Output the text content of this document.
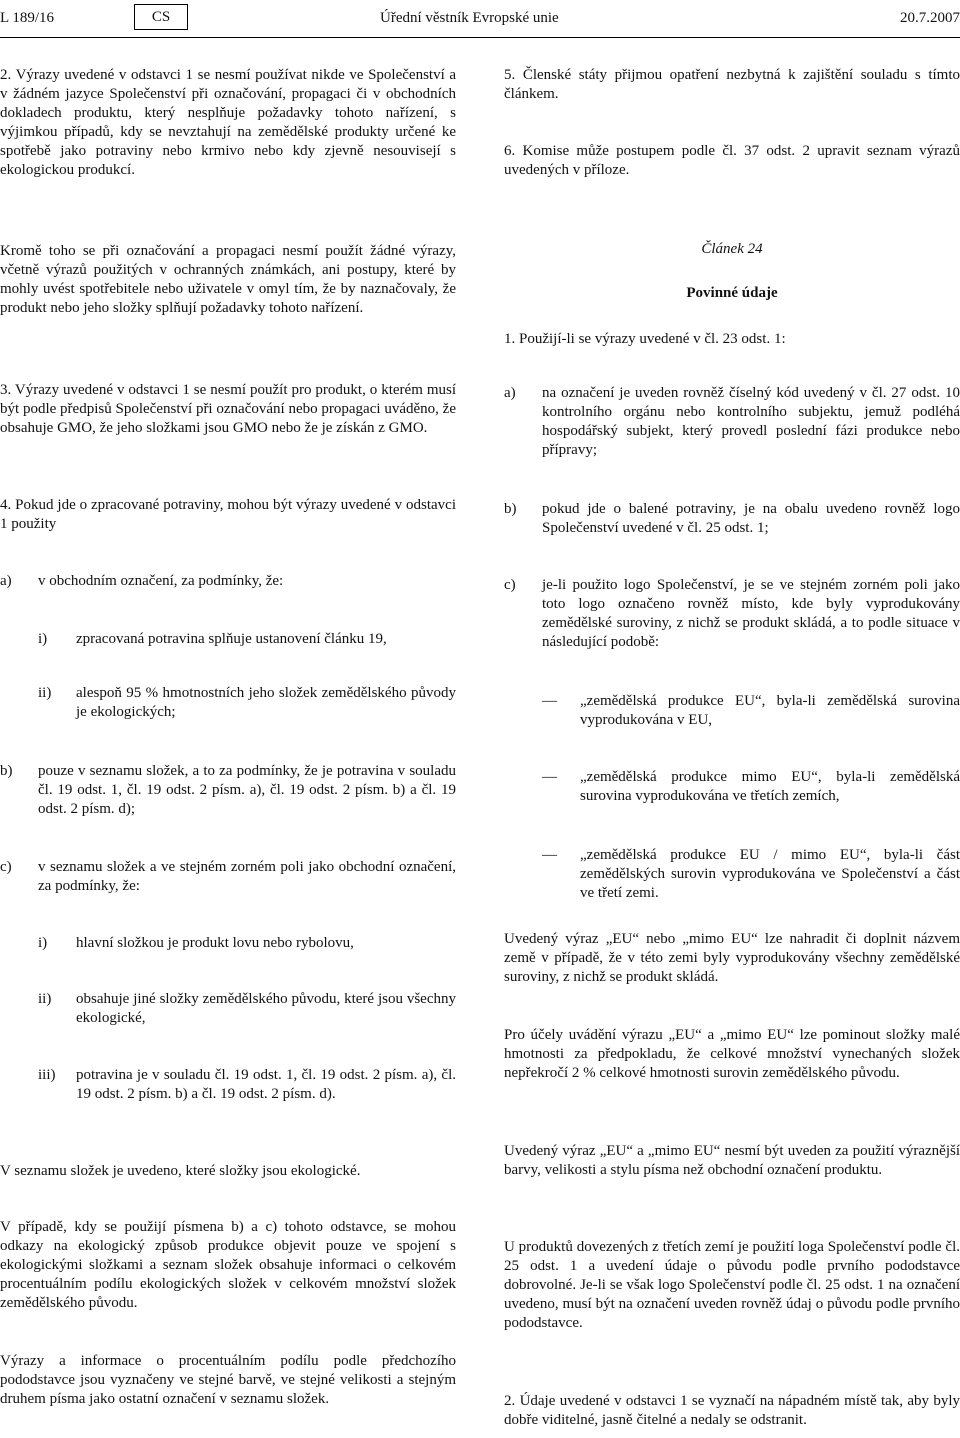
L 189/16	CS	Úřední věstník Evropské unie	20.7.2007
2. Výrazy uvedené v odstavci 1 se nesmí používat nikde ve Společenství a v žádném jazyce Společenství při označování, propagaci či v obchodních dokladech produktu, který nesplňuje požadavky tohoto nařízení, s výjimkou případů, kdy se nevztahují na zemědělské produkty určené ke spotřebě jako potraviny nebo krmivo nebo kdy zjevně nesouvisejí s ekologickou produkcí.
Kromě toho se při označování a propagaci nesmí použít žádné výrazy, včetně výrazů použitých v ochranných známkách, ani postupy, které by mohly uvést spotřebitele nebo uživatele v omyl tím, že by naznačovaly, že produkt nebo jeho složky splňují požadavky tohoto nařízení.
3. Výrazy uvedené v odstavci 1 se nesmí použít pro produkt, o kterém musí být podle předpisů Společenství při označování nebo propagaci uváděno, že obsahuje GMO, že jeho složkami jsou GMO nebo že je získán z GMO.
4. Pokud jde o zpracované potraviny, mohou být výrazy uvedené v odstavci 1 použity
a) v obchodním označení, za podmínky, že:
i) zpracovaná potravina splňuje ustanovení článku 19,
ii) alespoň 95 % hmotnostních jeho složek zemědělského původy je ekologických;
b) pouze v seznamu složek, a to za podmínky, že je potravina v souladu čl. 19 odst. 1, čl. 19 odst. 2 písm. a), čl. 19 odst. 2 písm. b) a čl. 19 odst. 2 písm. d);
c) v seznamu složek a ve stejném zorném poli jako obchodní označení, za podmínky, že:
i) hlavní složkou je produkt lovu nebo rybolovu,
ii) obsahuje jiné složky zemědělského původu, které jsou všechny ekologické,
iii) potravina je v souladu čl. 19 odst. 1, čl. 19 odst. 2 písm. a), čl. 19 odst. 2 písm. b) a čl. 19 odst. 2 písm. d).
V seznamu složek je uvedeno, které složky jsou ekologické.
V případě, kdy se použijí písmena b) a c) tohoto odstavce, se mohou odkazy na ekologický způsob produkce objevit pouze ve spojení s ekologickými složkami a seznam složek obsahuje informaci o celkovém procentuálním podílu ekologických složek v celkovém množství složek zemědělského původu.
Výrazy a informace o procentuálním podílu podle předchozího pododstavce jsou vyznačeny ve stejné barvě, ve stejné velikosti a stejným druhem písma jako ostatní označení v seznamu složek.
5. Členské státy přijmou opatření nezbytná k zajištění souladu s tímto článkem.
6. Komise může postupem podle čl. 37 odst. 2 upravit seznam výrazů uvedených v příloze.
Článek 24
Povinné údaje
1. Použijí-li se výrazy uvedené v čl. 23 odst. 1:
a) na označení je uveden rovněž číselný kód uvedený v čl. 27 odst. 10 kontrolního orgánu nebo kontrolního subjektu, jemuž podléhá hospodářský subjekt, který provedl poslední fázi produkce nebo přípravy;
b) pokud jde o balené potraviny, je na obalu uvedeno rovněž logo Společenství uvedené v čl. 25 odst. 1;
c) je-li použito logo Společenství, je se ve stejném zorném poli jako toto logo označeno rovněž místo, kde byly vyprodukovány zemědělské suroviny, z nichž se produkt skládá, a to podle situace v následující podobě:
— „zemědělská produkce EU“, byla-li zemědělská surovina vyprodukována v EU,
— „zemědělská produkce mimo EU“, byla-li zemědělská surovina vyprodukována ve třetích zemích,
— „zemědělská produkce EU / mimo EU“, byla-li část zemědělských surovin vyprodukována ve Společenství a část ve třetí zemi.
Uvedený výraz „EU“ nebo „mimo EU“ lze nahradit či doplnit názvem země v případě, že v této zemi byly vyprodukovány všechny zemědělské suroviny, z nichž se produkt skládá.
Pro účely uvádění výrazu „EU“ a „mimo EU“ lze pominout složky malé hmotnosti za předpokladu, že celkové množství vynechaných složek nepřekročí 2 % celkové hmotnosti surovin zemědělského původu.
Uvedený výraz „EU“ a „mimo EU“ nesmí být uveden za použití výraznější barvy, velikosti a stylu písma než obchodní označení produktu.
U produktů dovezených z třetích zemí je použití loga Společenství podle čl. 25 odst. 1 a uvedení údaje o původu podle prvního pododstavce dobrovolné. Je-li se však logo Společenství podle čl. 25 odst. 1 na označení uvedeno, musí být na označení uveden rovněž údaj o původu podle prvního pododstavce.
2. Údaje uvedené v odstavci 1 se vyznačí na nápadném místě tak, aby byly dobře viditelné, jasně čitelné a nedaly se odstranit.
